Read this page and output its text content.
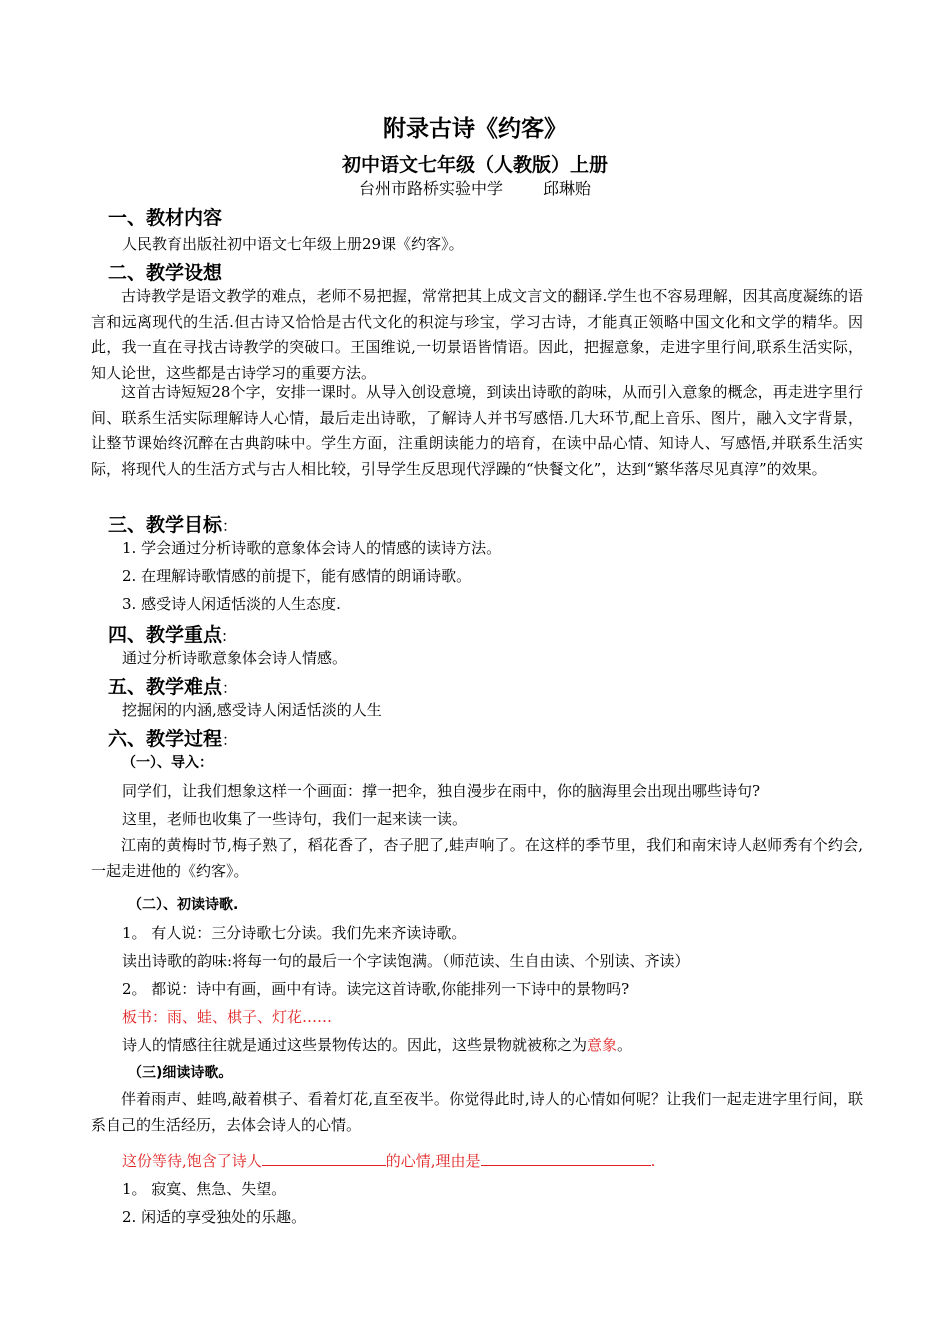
附录古诗《约客》
初中语文七年级（人教版）上册
台州市路桥实验中学	邱琳贻
一、教材内容
人民教育出版社初中语文七年级上册29课《约客》。
二、教学设想
古诗教学是语文教学的难点，老师不易把握，常常把其上成文言文的翻译.学生也不容易理解，因其高度凝练的语言和远离现代的生活.但古诗又恰恰是古代文化的积淀与珍宝，学习古诗，才能真正领略中国文化和文学的精华。因此，我一直在寻找古诗教学的突破口。王国维说,一切景语皆情语。因此，把握意象，走进字里行间,联系生活实际，知人论世，这些都是古诗学习的重要方法。
这首古诗短短28个字，安排一课时。从导入创设意境，到读出诗歌的韵味，从而引入意象的概念，再走进字里行间、联系生活实际理解诗人心情，最后走出诗歌，了解诗人并书写感悟.几大环节,配上音乐、图片，融入文字背景，让整节课始终沉醉在古典韵味中。学生方面，注重朗读能力的培育，在读中品心情、知诗人、写感悟,并联系生活实际，将现代人的生活方式与古人相比较，引导学生反思现代浮躁的“快餐文化”，达到“繁华落尽见真淳”的效果。
三、教学目标：
1. 学会通过分析诗歌的意象体会诗人的情感的读诗方法。
2. 在理解诗歌情感的前提下，能有感情的朗诵诗歌。
3. 感受诗人闲适恬淡的人生态度.
四、教学重点:
通过分析诗歌意象体会诗人情感。
五、教学难点：
挖掘闲的内涵,感受诗人闲适恬淡的人生
六、教学过程：
（一）、导入：
同学们，让我们想象这样一个画面：撑一把伞，独自漫步在雨中，你的脑海里会出现出哪些诗句?
这里，老师也收集了一些诗句，我们一起来读一读。
江南的黄梅时节,梅子熟了，稻花香了，杏子肥了,蛙声响了。在这样的季节里，我们和南宋诗人赵师秀有个约会,一起走进他的《约客》。
（二）、初读诗歌.
1。 有人说：三分诗歌七分读。我们先来齐读诗歌。
读出诗歌的韵味:将每一句的最后一个字读饱满。（师范读、生自由读、个别读、齐读）
2。 都说：诗中有画，画中有诗。读完这首诗歌,你能排列一下诗中的景物吗?
板书：雨、蛙、棋子、灯花……
诗人的情感往往就是通过这些景物传达的。因此，这些景物就被称之为意象。
（三)细读诗歌。
伴着雨声、蛙鸣,敲着棋子、看着灯花,直至夜半。你觉得此时,诗人的心情如何呢？让我们一起走进字里行间，联系自己的生活经历，去体会诗人的心情。
这份等待,饱含了诗人	的心情,理由是	.
1。 寂寞、焦急、失望。
2. 闲适的享受独处的乐趣。
